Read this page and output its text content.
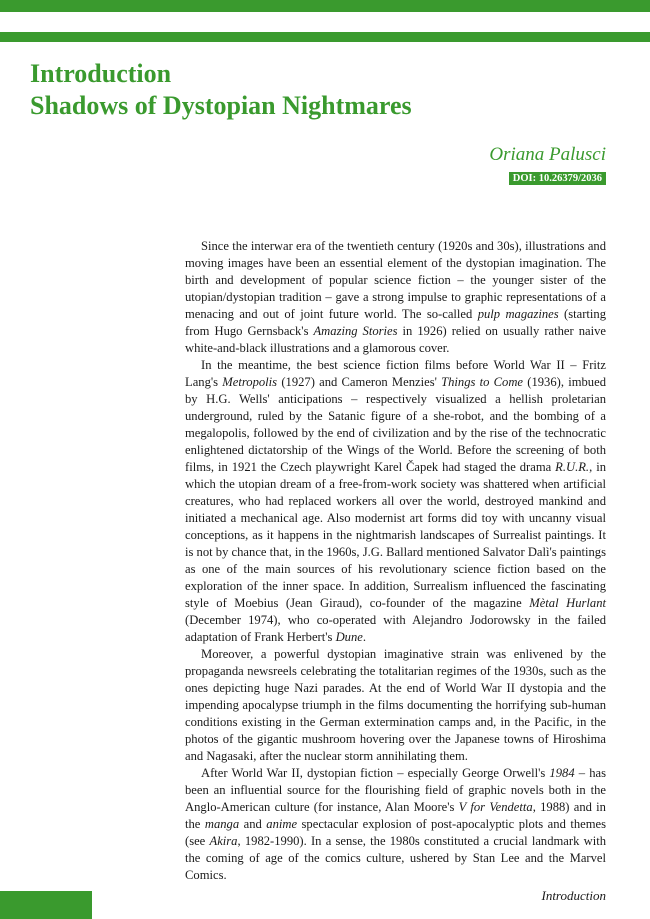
Introduction
Shadows of Dystopian Nightmares
Oriana Palusci
DOI: 10.26379/2036

Since the interwar era of the twentieth century (1920s and 30s), illustrations and moving images have been an essential element of the dystopian imagination. The birth and development of popular science fiction – the younger sister of the utopian/dystopian tradition – gave a strong impulse to graphic representations of a menacing and out of joint future world. The so-called pulp magazines (starting from Hugo Gernsback's Amazing Stories in 1926) relied on usually rather naive white-and-black illustrations and a glamorous cover.

In the meantime, the best science fiction films before World War II – Fritz Lang's Metropolis (1927) and Cameron Menzies' Things to Come (1936), imbued by H.G. Wells' anticipations – respectively visualized a hellish proletarian underground, ruled by the Satanic figure of a she-robot, and the bombing of a megalopolis, followed by the end of civilization and by the rise of the technocratic enlightened dictatorship of the Wings of the World. Before the screening of both films, in 1921 the Czech playwright Karel Čapek had staged the drama R.U.R., in which the utopian dream of a free-from-work society was shattered when artificial creatures, who had replaced workers all over the world, destroyed mankind and initiated a mechanical age. Also modernist art forms did toy with uncanny visual conceptions, as it happens in the nightmarish landscapes of Surrealist paintings. It is not by chance that, in the 1960s, J.G. Ballard mentioned Salvator Dalì's paintings as one of the main sources of his revolutionary science fiction based on the exploration of the inner space. In addition, Surrealism influenced the fascinating style of Moebius (Jean Giraud), co-founder of the magazine Mètal Hurlant (December 1974), who co-operated with Alejandro Jodorowsky in the failed adaptation of Frank Herbert's Dune.

Moreover, a powerful dystopian imaginative strain was enlivened by the propaganda newsreels celebrating the totalitarian regimes of the 1930s, such as the ones depicting huge Nazi parades. At the end of World War II dystopia and the impending apocalypse triumph in the films documenting the horrifying sub-human conditions existing in the German extermination camps and, in the Pacific, in the photos of the gigantic mushroom hovering over the Japanese towns of Hiroshima and Nagasaki, after the nuclear storm annihilating them.

After World War II, dystopian fiction – especially George Orwell's 1984 – has been an influential source for the flourishing field of graphic novels both in the Anglo-American culture (for instance, Alan Moore's V for Vendetta, 1988) and in the manga and anime spectacular explosion of post-apocalyptic plots and themes (see Akira, 1982-1990). In a sense, the 1980s constituted a crucial landmark with the coming of age of the comics culture, ushered by Stan Lee and the Marvel Comics.

4
Introduction
